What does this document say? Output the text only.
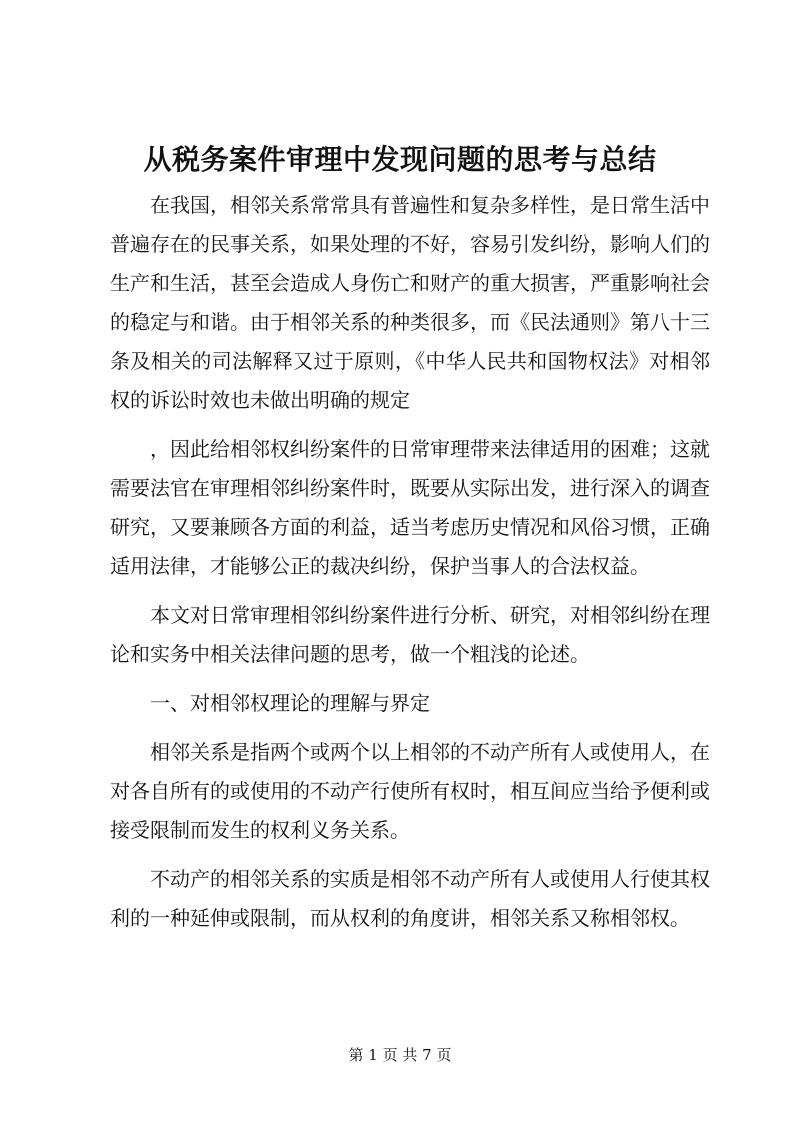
从税务案件审理中发现问题的思考与总结

在我国，相邻关系常常具有普遍性和复杂多样性，是日常生活中普遍存在的民事关系，如果处理的不好，容易引发纠纷，影响人们的生产和生活，甚至会造成人身伤亡和财产的重大损害，严重影响社会的稳定与和谐。由于相邻关系的种类很多，而《民法通则》第八十三条及相关的司法解释又过于原则，《中华人民共和国物权法》对相邻权的诉讼时效也未做出明确的规定

，因此给相邻权纠纷案件的日常审理带来法律适用的困难；这就需要法官在审理相邻纠纷案件时，既要从实际出发，进行深入的调查研究，又要兼顾各方面的利益，适当考虑历史情况和风俗习惯，正确适用法律，才能够公正的裁决纠纷，保护当事人的合法权益。

本文对日常审理相邻纠纷案件进行分析、研究，对相邻纠纷在理论和实务中相关法律问题的思考，做一个粗浅的论述。

一、对相邻权理论的理解与界定

相邻关系是指两个或两个以上相邻的不动产所有人或使用人，在对各自所有的或使用的不动产行使所有权时，相互间应当给予便利或接受限制而发生的权利义务关系。

不动产的相邻关系的实质是相邻不动产所有人或使用人行使其权利的一种延伸或限制，而从权利的角度讲，相邻关系又称相邻权。

第 1 页 共 7 页
